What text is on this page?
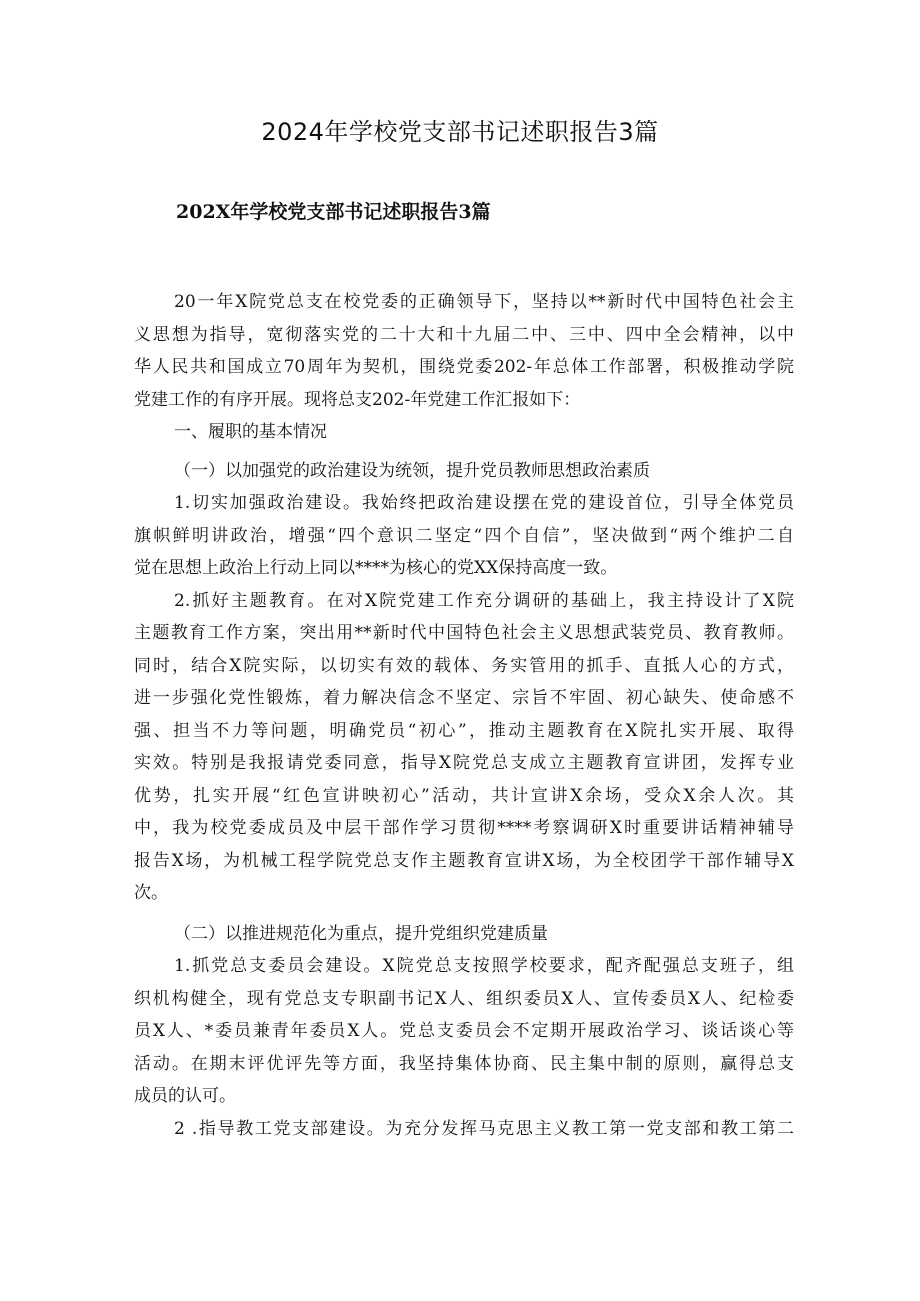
2024年学校党支部书记述职报告3篇
202X年学校党支部书记述职报告3篇
20一年X院党总支在校党委的正确领导下，坚持以**新时代中国特色社会主
义思想为指导，宽彻落实党的二十大和十九届二中、三中、四中全会精神，以中
华人民共和国成立70周年为契机，围绕党委202-年总体工作部署，积极推动学院
党建工作的有序开展。现将总支202-年党建工作汇报如下：
一、履职的基本情况
（一）以加强党的政治建设为统领，提升党员教师思想政治素质
1.切实加强政治建设。我始终把政治建设摆在党的建设首位，引导全体党员
旗帜鲜明讲政治，增强“四个意识二坚定“四个自信”，坚决做到“两个维护二自
觉在思想上政治上行动上同以****为核心的党XX保持高度一致。
2.抓好主题教育。在对X院党建工作充分调研的基础上，我主持设计了X院
主题教育工作方案，突出用**新时代中国特色社会主义思想武装党员、教育教师。
同时，结合X院实际，以切实有效的载体、务实管用的抓手、直抵人心的方式，
进一步强化党性锻炼，着力解决信念不坚定、宗旨不牢固、初心缺失、使命感不
强、担当不力等问题，明确党员“初心”，推动主题教育在X院扎实开展、取得
实效。特别是我报请党委同意，指导X院党总支成立主题教育宣讲团，发挥专业
优势，扎实开展“红色宣讲映初心”活动，共计宣讲X余场，受众X余人次。其
中，我为校党委成员及中层干部作学习贯彻****考察调研X时重要讲话精神辅导
报告X场，为机械工程学院党总支作主题教育宣讲X场，为全校团学干部作辅导X
次。
（二）以推进规范化为重点，提升党组织党建质量
1.抓党总支委员会建设。X院党总支按照学校要求，配齐配强总支班子，组
织机构健全，现有党总支专职副书记X人、组织委员X人、宣传委员X人、纪检委
员X人、*委员兼青年委员X人。党总支委员会不定期开展政治学习、谈话谈心等
活动。在期末评优评先等方面，我坚持集体协商、民主集中制的原则，赢得总支
成员的认可。
2 .指导教工党支部建设。为充分发挥马克思主义教工第一党支部和教工第二
